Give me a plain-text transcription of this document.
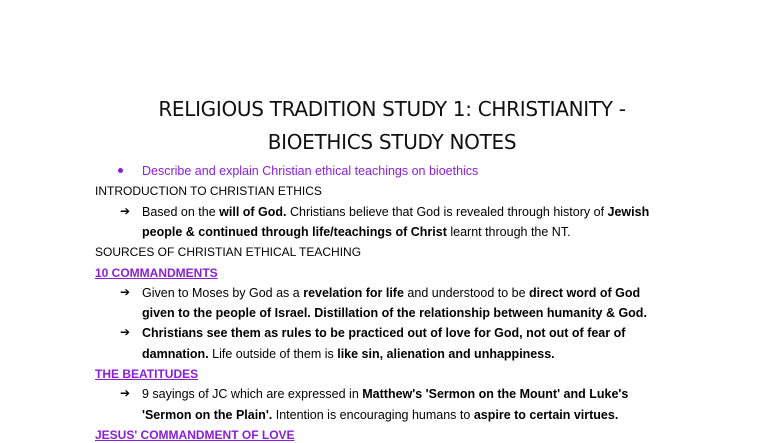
RELIGIOUS TRADITION STUDY 1: CHRISTIANITY -
BIOETHICS STUDY NOTES
Describe and explain Christian ethical teachings on bioethics
INTRODUCTION TO CHRISTIAN ETHICS
➔ Based on the will of God. Christians believe that God is revealed through history of Jewish
people & continued through life/teachings of Christ learnt through the NT.
SOURCES OF CHRISTIAN ETHICAL TEACHING
10 COMMANDMENTS
➔ Given to Moses by God as a revelation for life and understood to be direct word of God
given to the people of Israel. Distillation of the relationship between humanity & God.
➔ Christians see them as rules to be practiced out of love for God, not out of fear of
damnation. Life outside of them is like sin, alienation and unhappiness.
THE BEATITUDES
➔ 9 sayings of JC which are expressed in Matthew's 'Sermon on the Mount' and Luke's
'Sermon on the Plain'. Intention is encouraging humans to aspire to certain virtues.
JESUS' COMMANDMENT OF LOVE
